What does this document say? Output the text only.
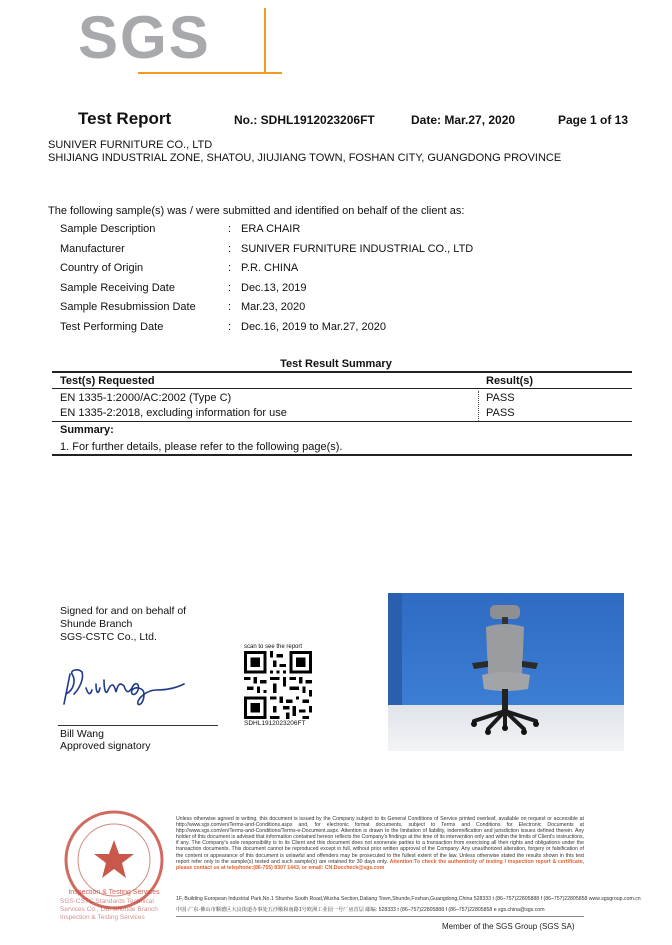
SGS
Test Report	No.: SDHL1912023206FT	Date: Mar.27, 2020	Page 1 of 13
SUNIVER FURNITURE CO., LTD
SHIJIANG INDUSTRIAL ZONE, SHATOU, JIUJIANG TOWN, FOSHAN CITY, GUANGDONG PROVINCE
The following sample(s) was / were submitted and identified on behalf of the client as:
Sample Description	: ERA CHAIR
Manufacturer	: SUNIVER FURNITURE INDUSTRIAL CO., LTD
Country of Origin	: P.R. CHINA
Sample Receiving Date	: Dec.13, 2019
Sample Resubmission Date	: Mar.23, 2020
Test Performing Date	: Dec.16, 2019 to Mar.27, 2020
Test Result Summary
Test(s) Requested	Result(s)
EN 1335-1:2000/AC:2002 (Type C)	PASS
EN 1335-2:2018, excluding information for use	PASS
Summary:
1. For further details, please refer to the following page(s).
Signed for and on behalf of
Shunde Branch
SGS-CSTC Co., Ltd.
Bill Wang
Approved signatory
scan to see the report
SDHL1912023206FT
Inspection & Testing Services
SGS-CSTC Standards Technical Services Co., Ltd. Shunde Branch Inspection & Testing Services
Unless otherwise agreed in writing, this document is issued by the Company subject to its General Conditions of Service printed overleaf, available on request or accessible at http://www.sgs.com/en/Terms-and-Conditions.aspx and, for electronic format documents, subject to Terms and Conditions for Electronic Documents at http://www.sgs.com/en/Terms-and-Conditions/Terms-e-Document.aspx. Attention is drawn to the limitation of liability, indemnification and jurisdiction issues defined therein. Any holder of this document is advised that information contained hereon reflects the Company's findings at the time of its intervention only and within the limits of Client's instructions, if any. The Company's sole responsibility is to its Client and this document does not exonerate parties to a transaction from exercising all their rights and obligations under the transaction documents. This document cannot be reproduced except in full, without prior written approval of the Company. Any unauthorized alteration, forgery or falsification of the content or appearance of this document is unlawful and offenders may be prosecuted to the fullest extent of the law. Unless otherwise stated the results shown in this test report refer only to the sample(s) tested and such sample(s) are retained for 30 days only. Attention:To check the authenticity of testing / inspection report & certificate, please contact us at telephone:(86-755) 8307 1443, or email: CN.Doccheck@sgs.com
1F, Building European Industrial Park,No.1 Shunhe South Road,Wusha Section,Daliang Town,Shunde,Foshan,Guangdong,China 528333 t (86–757)22805888 f (86–757)22805858 www.sgsgroup.com.cn
中国·广东·佛山市顺德区大良街道办事处五沙顺和南路1号欧洲工业园一号厂房首层 邮编: 528333 t (86–757)22805888 f (86–757)22805858 e sgs.china@sgs.com
Member of the SGS Group (SGS SA)
